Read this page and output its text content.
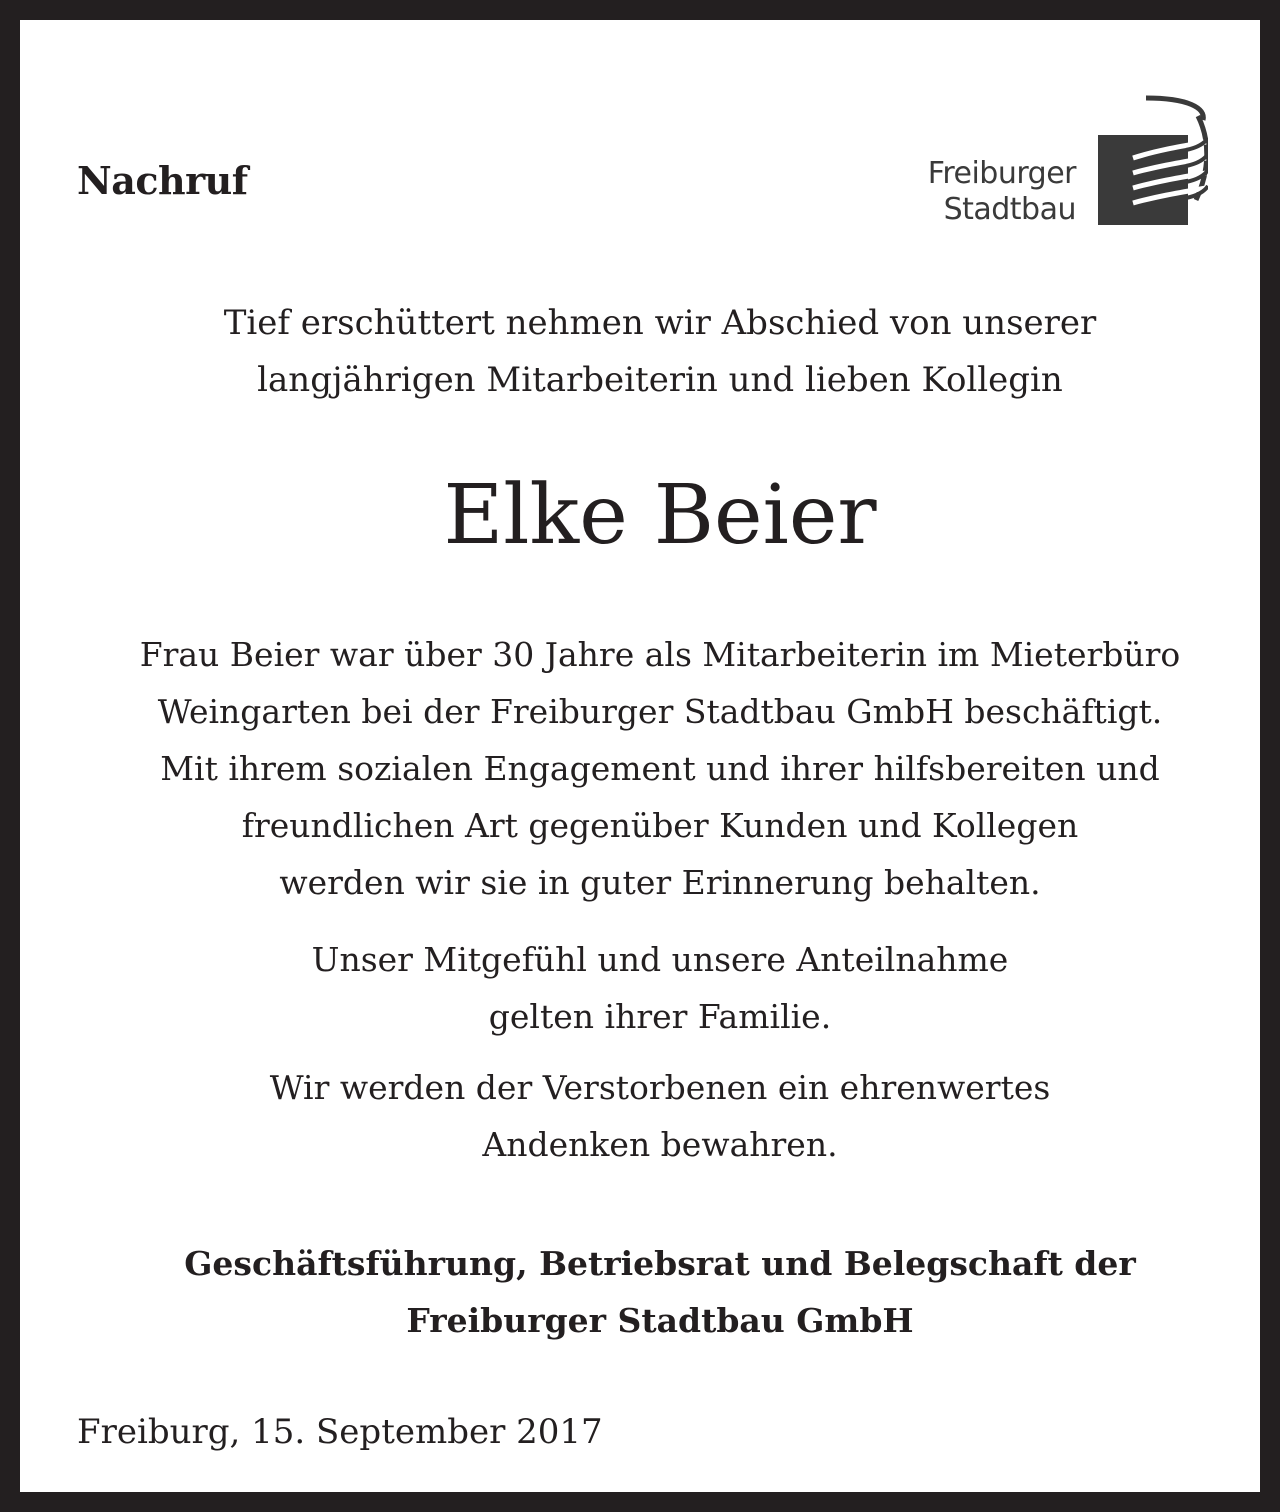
Nachruf	Freiburger
Stadtbau

Tief erschüttert nehmen wir Abschied von unserer
langjährigen Mitarbeiterin und lieben Kollegin

Elke Beier

Frau Beier war über 30 Jahre als Mitarbeiterin im Mieterbüro
Weingarten bei der Freiburger Stadtbau GmbH beschäftigt.
Mit ihrem sozialen Engagement und ihrer hilfsbereiten und
freundlichen Art gegenüber Kunden und Kollegen
werden wir sie in guter Erinnerung behalten.

Unser Mitgefühl und unsere Anteilnahme
gelten ihrer Familie.

Wir werden der Verstorbenen ein ehrenwertes
Andenken bewahren.

Geschäftsführung, Betriebsrat und Belegschaft der
Freiburger Stadtbau GmbH

Freiburg, 15. September 2017
